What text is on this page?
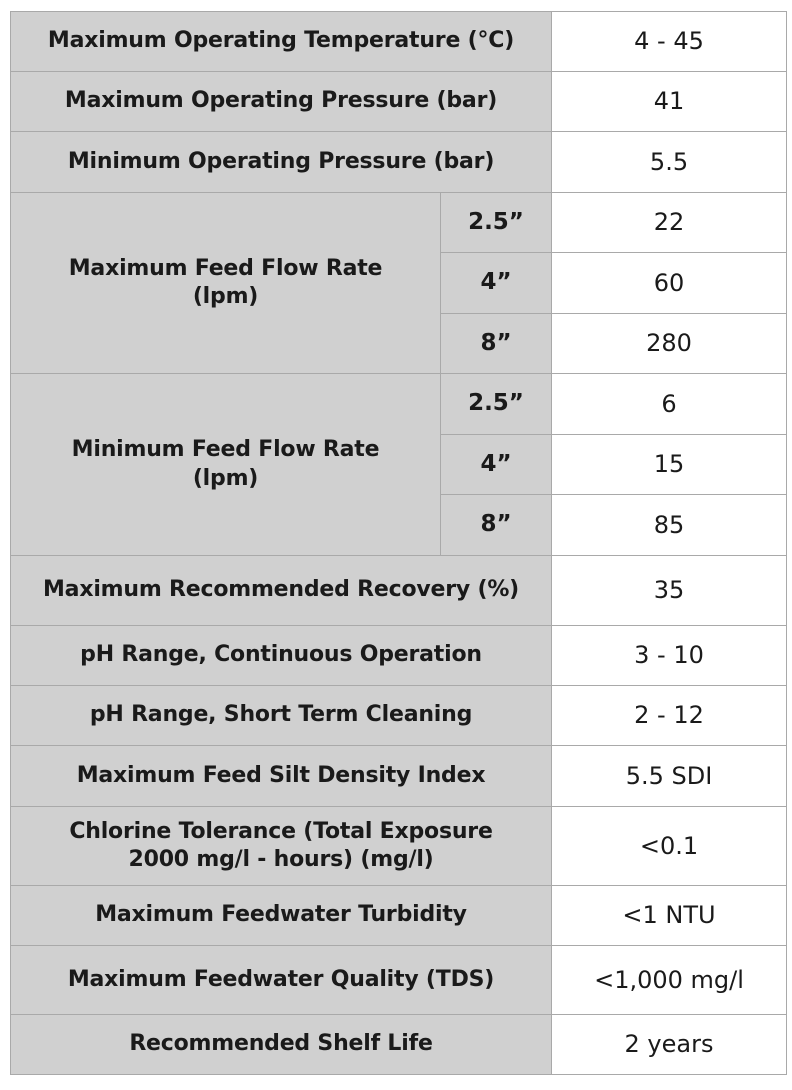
Maximum Operating Temperature (°C)		4 - 45
Maximum Operating Pressure (bar)		41
Minimum Operating Pressure (bar)		5.5
Maximum Feed Flow Rate
(lpm)	2.5”	22
	4”	60
	8”	280
Minimum Feed Flow Rate
(lpm)	2.5”	6
	4”	15
	8”	85
Maximum Recommended Recovery (%)		35
pH Range, Continuous Operation		3 - 10
pH Range, Short Term Cleaning		2 - 12
Maximum Feed Silt Density Index		5.5 SDI
Chlorine Tolerance (Total Exposure
2000 mg/l - hours) (mg/l)		<0.1
Maximum Feedwater Turbidity		<1 NTU
Maximum Feedwater Quality (TDS)		<1,000 mg/l
Recommended Shelf Life		2 years
